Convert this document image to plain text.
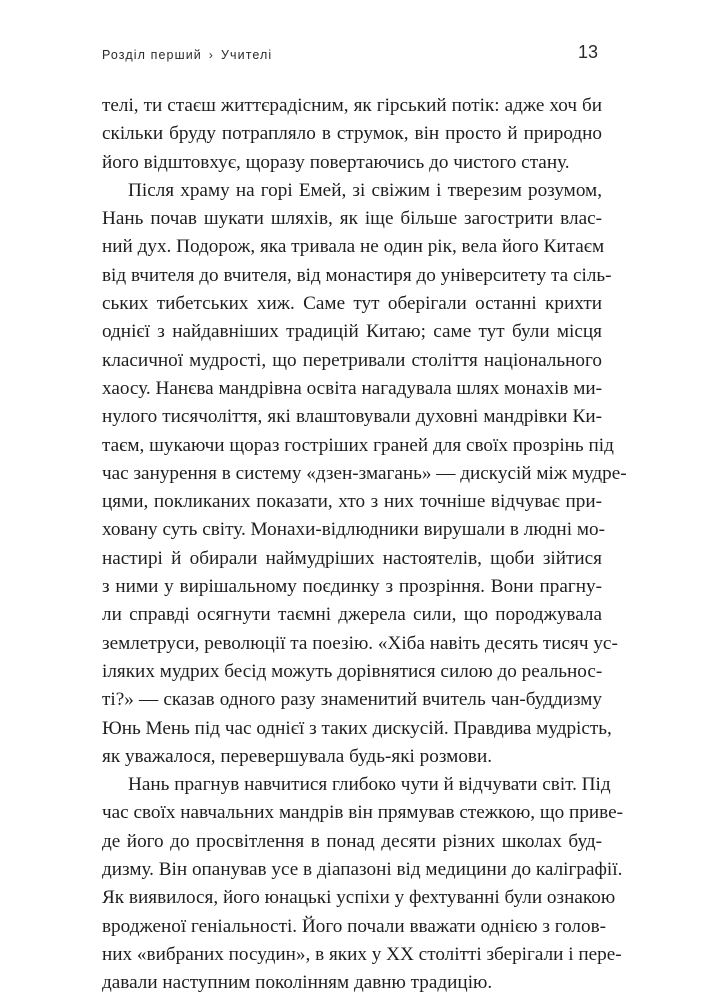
Розділ перший › Учителі	13
телі, ти стаєш життєрадісним, як гірський потік: адже хоч би
скільки бруду потрапляло в струмок, він просто й природно
його відштовхує, щоразу повертаючись до чистого стану.
Після храму на горі Емей, зі свіжим і тверезим розумом,
Нань почав шукати шляхів, як іще більше загострити влас-
ний дух. Подорож, яка тривала не один рік, вела його Китаєм
від вчителя до вчителя, від монастиря до університету та сіль-
ських тибетських хиж. Саме тут оберігали останні крихти
однієї з найдавніших традицій Китаю; саме тут були місця
класичної мудрості, що перетривали століття національного
хаосу. Нанєва мандрівна освіта нагадувала шлях монахів ми-
нулого тисячоліття, які влаштовували духовні мандрівки Ки-
таєм, шукаючи щораз гостріших граней для своїх прозрінь під
час занурення в систему «дзен-змагань» — дискусій між мудре-
цями, покликаних показати, хто з них точніше відчуває при-
ховану суть світу. Монахи-відлюдники вирушали в людні мо-
настирі й обирали наймудріших настоятелів, щоби зійтися
з ними у вирішальному поєдинку з прозріння. Вони прагну-
ли справді осягнути таємні джерела сили, що породжувала
землетруси, революції та поезію. «Хіба навіть десять тисяч ус-
іляких мудрих бесід можуть дорівнятися силою до реальнос-
ті?» — сказав одного разу знаменитий вчитель чан-буддизму
Юнь Мень під час однієї з таких дискусій. Правдива мудрість,
як уважалося, перевершувала будь-які розмови.
Нань прагнув навчитися глибоко чути й відчувати світ. Під
час своїх навчальних мандрів він прямував стежкою, що приве-
де його до просвітлення в понад десяти різних школах буд-
дизму. Він опанував усе в діапазоні від медицини до каліграфії.
Як виявилося, його юнацькі успіхи у фехтуванні були ознакою
вродженої геніальності. Його почали вважати однією з голов-
них «вибраних посудин», в яких у XX столітті зберігали і пере-
давали наступним поколінням давню традицію.
